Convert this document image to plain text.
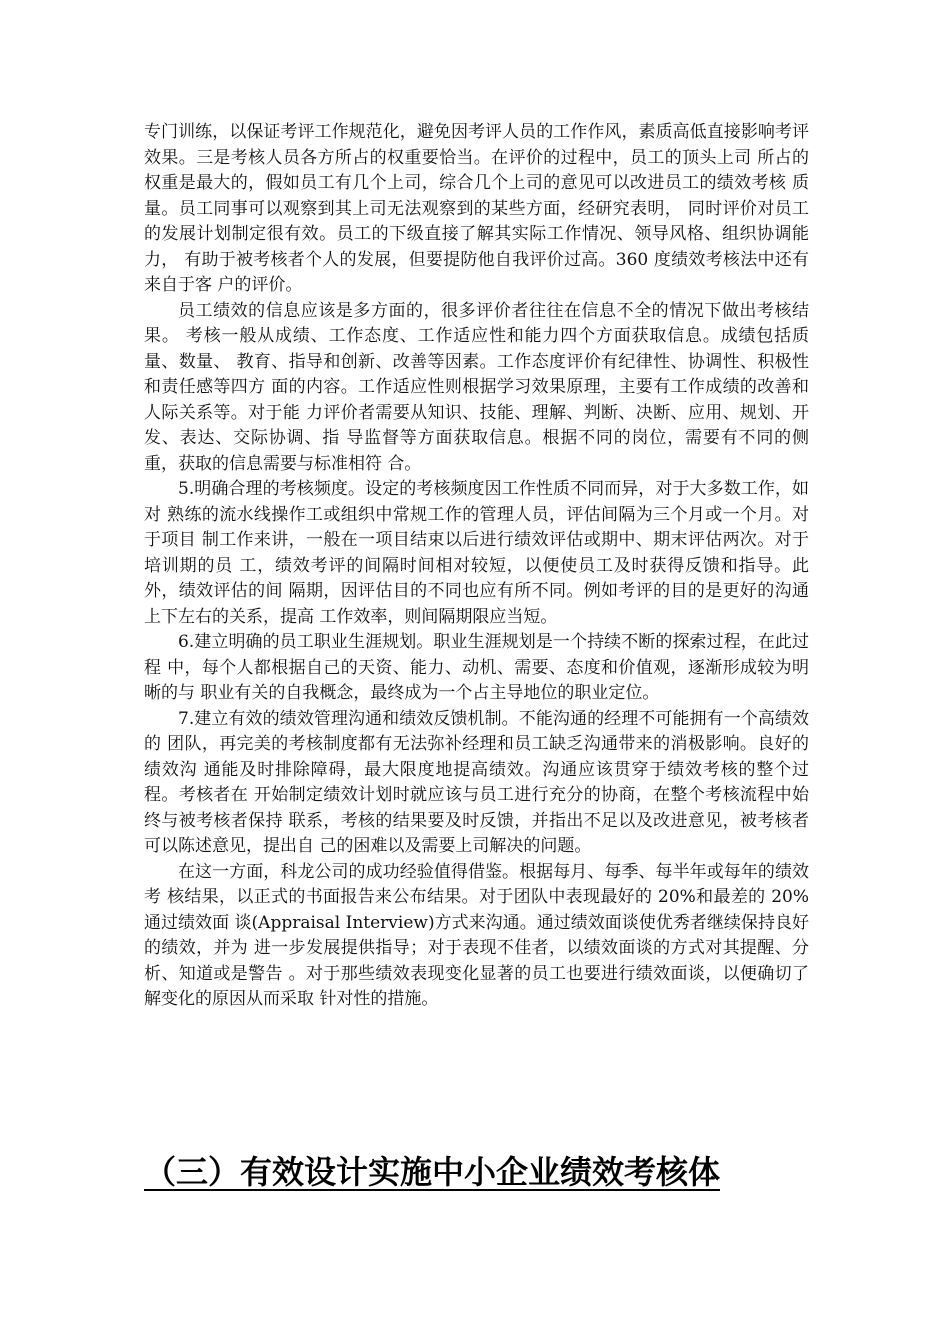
专门训练，以保证考评工作规范化，避免因考评人员的工作作风，素质高低直接影响考评效果。三是考核人员各方所占的权重要恰当。在评价的过程中，员工的顶头上司 所占的权重是最大的，假如员工有几个上司，综合几个上司的意见可以改进员工的绩效考核 质量。员工同事可以观察到其上司无法观察到的某些方面，经研究表明， 同时评价对员工 的发展计划制定很有效。员工的下级直接了解其实际工作情况、领导风格、组织协调能力， 有助于被考核者个人的发展，但要提防他自我评价过高。360 度绩效考核法中还有来自于客 户的评价。

员工绩效的信息应该是多方面的，很多评价者往往在信息不全的情况下做出考核结果。 考核一般从成绩、工作态度、工作适应性和能力四个方面获取信息。成绩包括质量、数量、 教育、指导和创新、改善等因素。工作态度评价有纪律性、协调性、积极性和责任感等四方 面的内容。工作适应性则根据学习效果原理，主要有工作成绩的改善和人际关系等。对于能 力评价者需要从知识、技能、理解、判断、决断、应用、规划、开发、表达、交际协调、指 导监督等方面获取信息。根据不同的岗位，需要有不同的侧重，获取的信息需要与标准相符 合。

5.明确合理的考核频度。设定的考核频度因工作性质不同而异，对于大多数工作，如对 熟练的流水线操作工或组织中常规工作的管理人员，评估间隔为三个月或一个月。对于项目 制工作来讲，一般在一项目结束以后进行绩效评估或期中、期末评估两次。对于培训期的员 工，绩效考评的间隔时间相对较短，以便使员工及时获得反馈和指导。此外，绩效评估的间 隔期，因评估目的不同也应有所不同。例如考评的目的是更好的沟通上下左右的关系，提高 工作效率，则间隔期限应当短。

6.建立明确的员工职业生涯规划。职业生涯规划是一个持续不断的探索过程，在此过程 中，每个人都根据自己的天资、能力、动机、需要、态度和价值观，逐渐形成较为明晰的与 职业有关的自我概念，最终成为一个占主导地位的职业定位。

7.建立有效的绩效管理沟通和绩效反馈机制。不能沟通的经理不可能拥有一个高绩效的 团队，再完美的考核制度都有无法弥补经理和员工缺乏沟通带来的消极影响。良好的绩效沟 通能及时排除障碍，最大限度地提高绩效。沟通应该贯穿于绩效考核的整个过程。考核者在 开始制定绩效计划时就应该与员工进行充分的协商，在整个考核流程中始终与被考核者保持 联系，考核的结果要及时反馈，并指出不足以及改进意见，被考核者可以陈述意见，提出自 己的困难以及需要上司解决的问题。

在这一方面，科龙公司的成功经验值得借鉴。根据每月、每季、每半年或每年的绩效考 核结果，以正式的书面报告来公布结果。对于团队中表现最好的 20%和最差的 20%通过绩效面 谈(Appraisal Interview)方式来沟通。通过绩效面谈使优秀者继续保持良好的绩效，并为 进一步发展提供指导；对于表现不佳者，以绩效面谈的方式对其提醒、分析、知道或是警告 。对于那些绩效表现变化显著的员工也要进行绩效面谈，以便确切了解变化的原因从而采取 针对性的措施。

（三）有效设计实施中小企业绩效考核体
